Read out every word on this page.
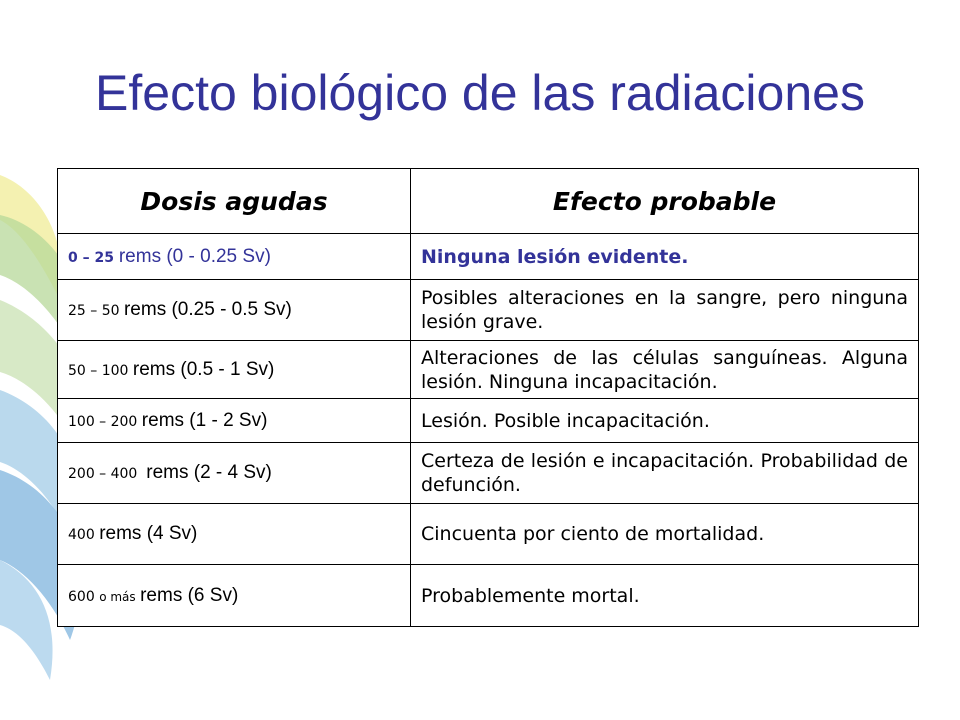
Efecto biológico de las radiaciones
Dosis agudas	Efecto probable
0 – 25 rems (0 - 0.25 Sv)	Ninguna lesión evidente.
25 – 50 rems (0.25 - 0.5 Sv)	Posibles alteraciones en la sangre, pero ninguna lesión grave.
50 – 100 rems (0.5 - 1 Sv)	Alteraciones de las células sanguíneas. Alguna lesión. Ninguna incapacitación.
100 – 200 rems (1 - 2 Sv)	Lesión. Posible incapacitación.
200 – 400 rems (2 - 4 Sv)	Certeza de lesión e incapacitación. Probabilidad de defunción.
400 rems (4 Sv)	Cincuenta por ciento de mortalidad.
600 o más rems (6 Sv)	Probablemente mortal.
